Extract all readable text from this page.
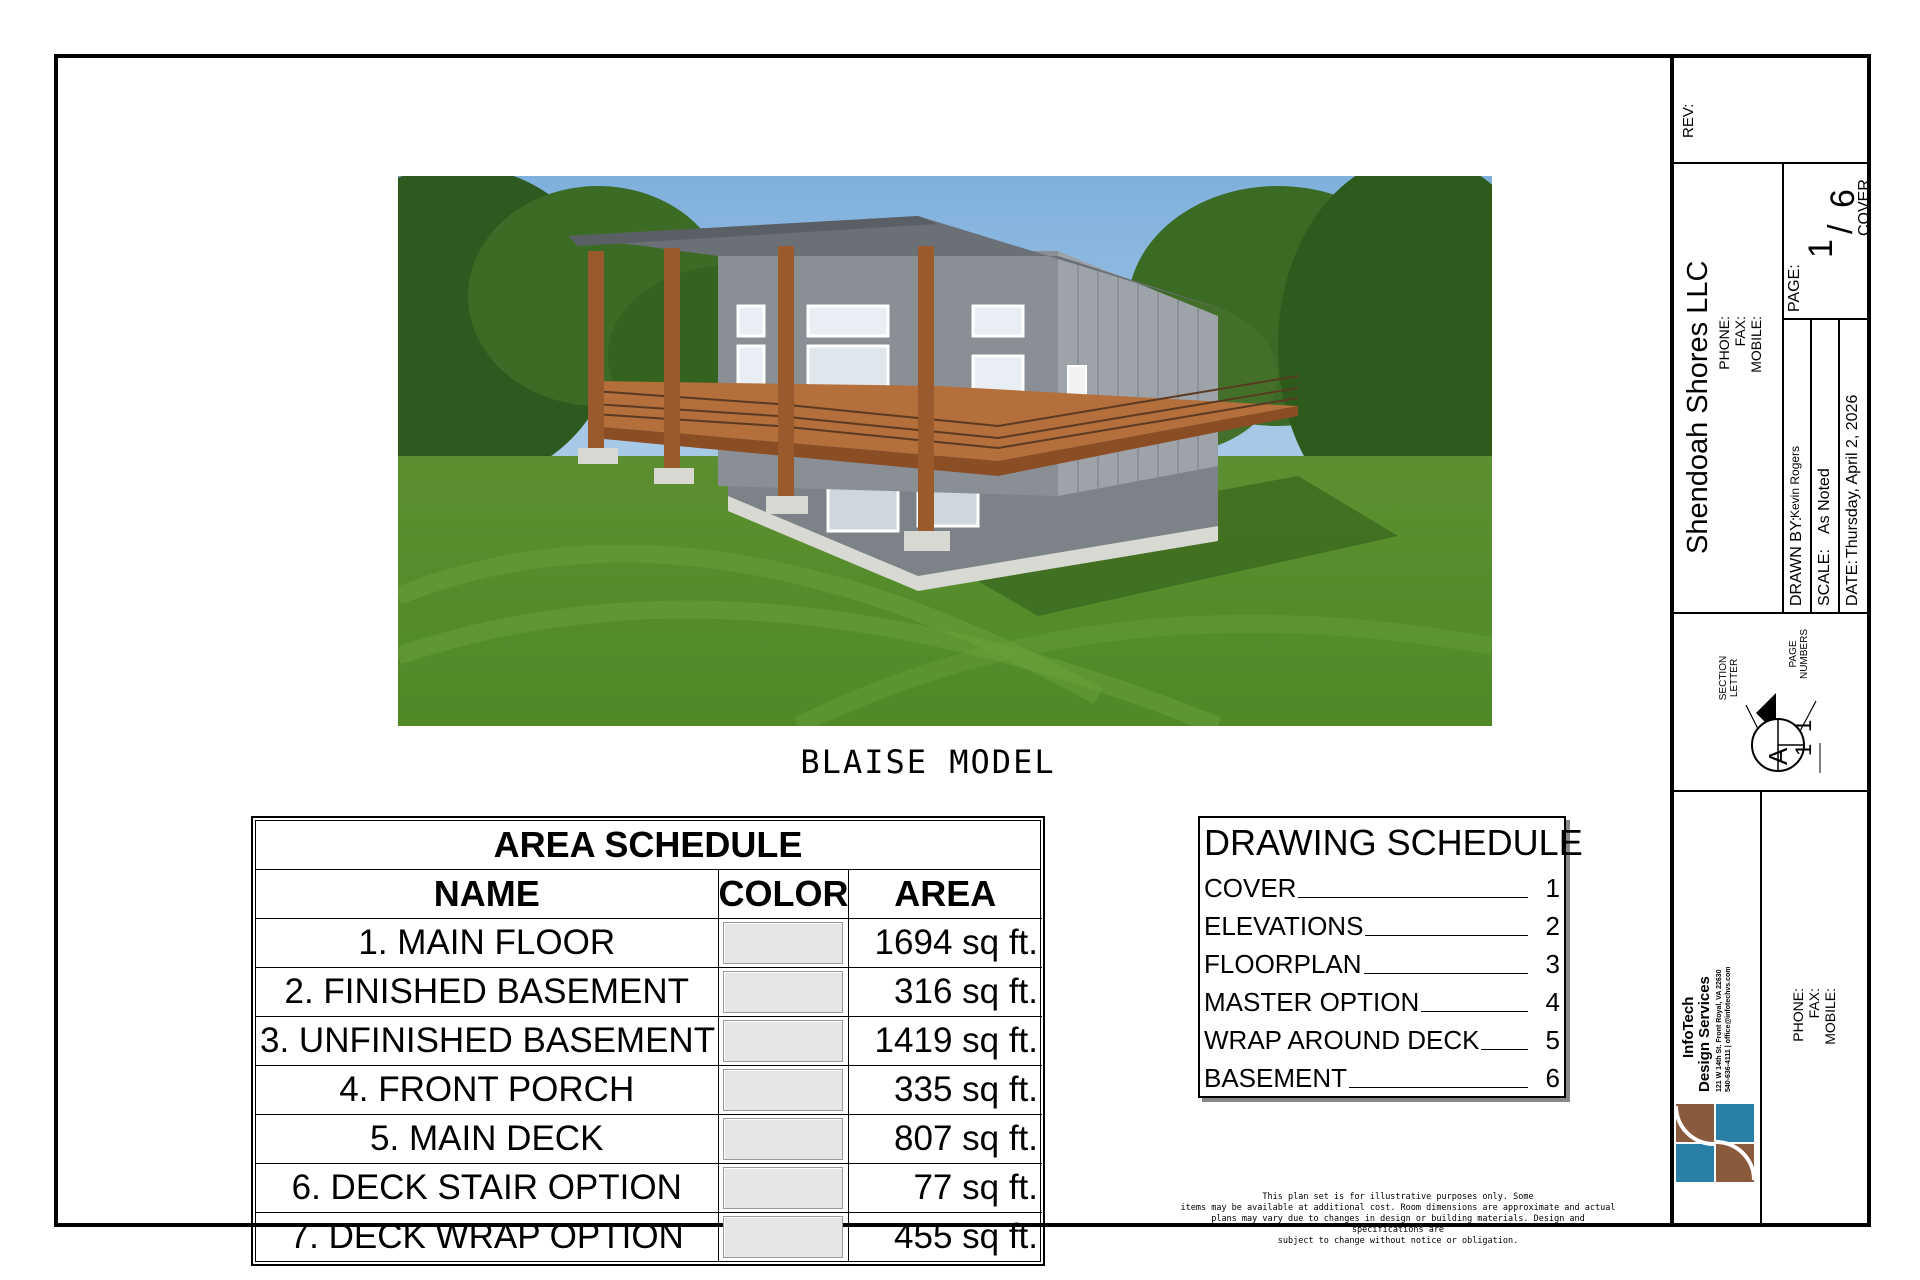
BLAISE MODEL
AREA SCHEDULE
NAME	COLOR	AREA
1. MAIN FLOOR		1694 sq ft.
2. FINISHED BASEMENT		316 sq ft.
3. UNFINISHED BASEMENT		1419 sq ft.
4. FRONT PORCH		335 sq ft.
5. MAIN DECK		807 sq ft.
6. DECK STAIR OPTION		77 sq ft.
7. DECK WRAP OPTION		455 sq ft.
DRAWING SCHEDULE
COVER	1
ELEVATIONS	2
FLOORPLAN	3
MASTER OPTION	4
WRAP AROUND DECK	5
BASEMENT	6
This plan set is for illustrative purposes only. Some
items may be available at additional cost. Room dimensions are approximate and actual
plans may vary due to changes in design or building materials. Design and specifications are
subject to change without notice or obligation.
REV:
Shendoah Shores LLC PHONE: FAX: MOBILE:
PAGE:
1
/
6
COVER
DRAWN BY:
Kevin Rogers
SCALE:
As Noted
DATE:
Thursday, April 2, 2026
SECTION LETTER
PAGE NUMBERS
A
1
1
InfoTech Design Services 121 W 14th St. Front Royal, VA 22630 540-636-4111 | office@infotechvs.com	PHONE: FAX: MOBILE:
